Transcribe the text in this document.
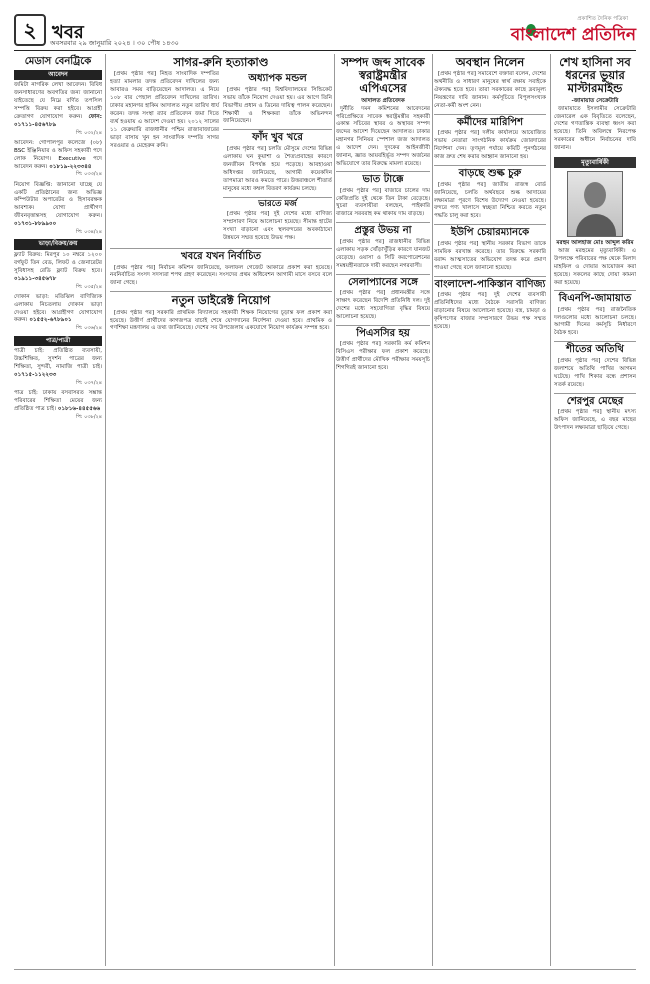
২ খবর
অবসরবার ২৯ জানুয়ারি ২০২৪ । ৩০ পৌষ ১৪৩০
প্রকাশিত দৈনিক পত্রিকা
বাংলাদেশ প্রতিদিন
মেডাস বেনট্রিকে
আবেদন
জমিটা নাগরিক লেখা আবেদন। বিবিধ জনসাধারণের অবগতির জন্য জানানো যাইতেছে যে নিম্নে বর্ণিত তপসিল সম্পত্তি বিক্রয় করা হইবে। আগ্রহী ক্রেতাগণ যোগাযোগ করুন। ফোন: ০১৭১১-৪৫৬৭৮৯
পি: ০৩২/২৪
আবেদন: গোপালপুর কলেজে (০৮) BSC ইঞ্জিনিয়ার ও অফিস সহকারী পদে লোক নিয়োগ। Executive পদে আবেদন করুন। ০১৮১৯-২২৩৩৪৪
পি: ০৩৩/২৪
নিয়োগ বিজ্ঞপ্তি: জানানো যাচ্ছে যে একটি প্রতিষ্ঠানের জন্য অভিজ্ঞ কম্পিউটার অপারেটর ও হিসাবরক্ষক আবশ্যক। যোগ্য প্রার্থীগণ জীবনবৃত্তান্তসহ যোগাযোগ করুন। ০১৭৩১-৮৮৯৯০০
পি: ০৩৪/২৪
ভাড়া/বিক্রয়/ক্রয়
ফ্ল্যাট বিক্রয়: মিরপুর ১০ নম্বরে ১২০০ বর্গফুট তিন বেড, লিফট ও জেনারেটর সুবিধাসহ রেডি ফ্ল্যাট বিক্রয় হবে। ০১৯১১-৩৪৫৬৭৮
পি: ০৩৫/২৪
দোকান ভাড়া: মতিঝিল বাণিজ্যিক এলাকায় নিচতলায় দোকান ভাড়া দেওয়া হইবে। আগ্রহীগণ যোগাযোগ করুন। ০১৫৫২-৬৭৮৯০১
পি: ০৩৬/২৪
পাত্র/পাত্রী
পাত্রী চাই: প্রতিষ্ঠিত ব্যবসায়ী, উচ্চশিক্ষিত, সুদর্শন পাত্রের জন্য শিক্ষিতা, সুন্দরী, নামাজি পাত্রী চাই। ০১৭১৫-১১২২৩৩
পি: ০৩৭/২৪
পাত্র চাই: ঢাকায় বসবাসরত সম্ভ্রান্ত পরিবারের শিক্ষিতা মেয়ের জন্য প্রতিষ্ঠিত পাত্র চাই। ০১৮১৬-৪৪৫৫৬৬
পি: ০৩৮/২৪
সাগর-রুনি হত্যাকাণ্ড

[প্রথম পৃষ্ঠার পর] নিহত সাংবাদিক দম্পতির হত্যা মামলার তদন্ত প্রতিবেদন দাখিলের জন্য আবারও সময় বাড়িয়েছেন আদালত। এ নিয়ে ১০৮ বার পেছাল প্রতিবেদন দাখিলের তারিখ। ঢাকার মহানগর হাকিম আদালত নতুন তারিখ ধার্য করেন। তদন্ত সংস্থা র‌্যাব প্রতিবেদন জমা দিতে ব্যর্থ হওয়ায় এ আদেশ দেওয়া হয়। ২০১২ সালের ১১ ফেব্রুয়ারি রাজধানীর পশ্চিম রাজাবাজারের ভাড়া বাসায় খুন হন সাংবাদিক দম্পতি সাগর সরওয়ার ও মেহেরুন রুনি।

অধ্যাপক মন্ডল

[প্রথম পৃষ্ঠার পর] বিশ্ববিদ্যালয়ের সিন্ডিকেট সভায় তাঁকে নিয়োগ দেওয়া হয়। এর আগে তিনি বিভাগীয় প্রধান ও ডিনের দায়িত্ব পালন করেছেন। শিক্ষার্থী ও শিক্ষকরা তাঁকে অভিনন্দন জানিয়েছেন।

ফাঁদ খুব খরে

[প্রথম পৃষ্ঠার পর] চলতি মৌসুমে দেশের বিভিন্ন এলাকায় ঘন কুয়াশা ও শৈত্যপ্রবাহের কারণে জনজীবন বিপর্যস্ত হয়ে পড়েছে। আবহাওয়া অধিদপ্তর জানিয়েছে, আগামী কয়েকদিন তাপমাত্রা আরও কমতে পারে। উত্তরাঞ্চলে শীতার্ত মানুষের মধ্যে কম্বল বিতরণ কার্যক্রম চলছে।

ভারতে মর্জ

[প্রথম পৃষ্ঠার পর] দুই দেশের মধ্যে বাণিজ্য সম্প্রসারণ নিয়ে আলোচনা হয়েছে। সীমান্ত হাটের সংখ্যা বাড়ানো এবং স্থলবন্দরের অবকাঠামো উন্নয়নে সম্মত হয়েছে উভয় পক্ষ।

খবরে যখন নির্বাচিত

[প্রথম পৃষ্ঠার পর] নির্বাচন কমিশন জানিয়েছে, ফলাফল গেজেট আকারে প্রকাশ করা হয়েছে। নবনির্বাচিত সংসদ সদস্যরা শপথ গ্রহণ করেছেন। সংসদের প্রথম অধিবেশন আগামী মাসে বসবে বলে জানা গেছে।

নতুন ডাইরেক্ট নিয়োগ

[প্রথম পৃষ্ঠার পর] সরকারি প্রাথমিক বিদ্যালয়ে সহকারী শিক্ষক নিয়োগের চূড়ান্ত ফল প্রকাশ করা হয়েছে। উত্তীর্ণ প্রার্থীদের কাগজপত্র যাচাই শেষে যোগদানের নির্দেশনা দেওয়া হবে। প্রাথমিক ও গণশিক্ষা মন্ত্রণালয় এ তথ্য জানিয়েছে। দেশের সব উপজেলায় একযোগে নিয়োগ কার্যক্রম সম্পন্ন হবে।

সম্পদ জব্দ সাবেক স্বরাষ্ট্রমন্ত্রীর এপিএসের
আদালত প্রতিবেদক

দুর্নীতি দমন কমিশনের আবেদনের পরিপ্রেক্ষিতে সাবেক স্বরাষ্ট্রমন্ত্রীর সহকারী একান্ত সচিবের স্থাবর ও অস্থাবর সম্পদ জব্দের আদেশ দিয়েছেন আদালত। ঢাকার মহানগর সিনিয়র স্পেশাল জজ আদালত এ আদেশ দেন। দুদকের আইনজীবী জানান, জ্ঞাত আয়বহির্ভূত সম্পদ অর্জনের অভিযোগে তার বিরুদ্ধে মামলা রয়েছে।

ভাত টাক্কে

[প্রথম পৃষ্ঠার পর] বাজারে চালের দাম কেজিপ্রতি দুই থেকে তিন টাকা বেড়েছে। খুচরা ব্যবসায়ীরা বলছেন, পাইকারি বাজারে সরবরাহ কম থাকায় দাম বাড়ছে।

প্রস্তুর উভয় না

[প্রথম পৃষ্ঠার পর] রাজধানীর বিভিন্ন এলাকায় সড়ক খোঁড়াখুঁড়ির কারণে যানজট বেড়েছে। ওয়াসা ও সিটি করপোরেশনের সমন্বয়হীনতাকে দায়ী করছেন নগরবাসী।

সেলাপ্যানের সঙ্গে

[প্রথম পৃষ্ঠার পর] প্রধানমন্ত্রীর সঙ্গে সাক্ষাৎ করেছেন বিদেশি প্রতিনিধি দল। দুই দেশের মধ্যে সহযোগিতা বৃদ্ধির বিষয়ে আলোচনা হয়েছে।

পিএসসির হয়

[প্রথম পৃষ্ঠার পর] সরকারি কর্ম কমিশন বিসিএস পরীক্ষার ফল প্রকাশ করেছে। উত্তীর্ণ প্রার্থীদের মৌখিক পরীক্ষার সময়সূচি শিগগিরই জানানো হবে।

অবস্থান নিলেন

[প্রথম পৃষ্ঠার পর] সমাবেশে বক্তারা বলেন, দেশের অর্থনীতি ও সাধারণ মানুষের স্বার্থ রক্ষায় সবাইকে ঐক্যবদ্ধ হতে হবে। তারা সরকারের কাছে দ্রব্যমূল্য নিয়ন্ত্রণের দাবি জানান। কর্মসূচিতে বিপুলসংখ্যক নেতা-কর্মী অংশ নেন।

কর্মীদের মারিপিশ

[প্রথম পৃষ্ঠার পর] দলীয় কার্যালয়ে আয়োজিত সভায় নেতারা সাংগঠনিক কার্যক্রম জোরদারের নির্দেশনা দেন। তৃণমূল পর্যায়ে কমিটি পুনর্গঠনের কাজ দ্রুত শেষ করার আহ্বান জানানো হয়।

বাড়ছে শুল্ক চুরু

[প্রথম পৃষ্ঠার পর] জাতীয় রাজস্ব বোর্ড জানিয়েছে, চলতি অর্থবছরে শুল্ক আদায়ের লক্ষ্যমাত্রা পূরণে বিশেষ উদ্যোগ নেওয়া হয়েছে। বন্দরে পণ্য খালাসে স্বচ্ছতা নিশ্চিত করতে নতুন পদ্ধতি চালু করা হবে।

ইউপি চেয়ারম্যানকে

[প্রথম পৃষ্ঠার পর] স্থানীয় সরকার বিভাগ তাকে সাময়িক বরখাস্ত করেছে। তার বিরুদ্ধে সরকারি বরাদ্দ আত্মসাতের অভিযোগ তদন্ত করে প্রমাণ পাওয়া গেছে বলে জানানো হয়েছে।

বাংলাদেশ-পাকিস্তান বাণিজ্য

[প্রথম পৃষ্ঠার পর] দুই দেশের ব্যবসায়ী প্রতিনিধিদের মধ্যে বৈঠকে সরাসরি বাণিজ্য বাড়ানোর বিষয়ে আলোচনা হয়েছে। বস্ত্র, চামড়া ও কৃষিপণ্যের বাজার সম্প্রসারণে উভয় পক্ষ সম্মত হয়েছে।

শেখ হাসিনা সব ধরনের ভুয়ার মাস্টারমাইন্ড
-জামায়াত সেক্রেটারি

জামায়াতে ইসলামীর সেক্রেটারি জেনারেল এক বিবৃতিতে বলেছেন, দেশের গণতান্ত্রিক ব্যবস্থা ধ্বংস করা হয়েছে। তিনি অবিলম্বে নিরপেক্ষ সরকারের অধীনে নির্বাচনের দাবি জানান।

মৃত্যুবার্ষিকী
মরহুম আলহাজ মোঃ আব্দুল করিম

আজ মরহুমের মৃত্যুবার্ষিকী। এ উপলক্ষে পরিবারের পক্ষ থেকে মিলাদ মাহফিল ও দোয়ার আয়োজন করা হয়েছে। সকলের কাছে দোয়া কামনা করা হয়েছে।

বিএনপি-জামায়াত

[প্রথম পৃষ্ঠার পর] রাজনৈতিক দলগুলোর মধ্যে আলোচনা চলছে। আগামী দিনের কর্মসূচি নির্ধারণে বৈঠক হবে।

শীতের অতিথি

[প্রথম পৃষ্ঠার পর] দেশের বিভিন্ন জলাশয়ে অতিথি পাখির আগমন ঘটেছে। পাখি শিকার বন্ধে প্রশাসন সতর্ক রয়েছে।

শেরপুর মেছের

[প্রথম পৃষ্ঠার পর] স্থানীয় মৎস্য অফিস জানিয়েছে, এ বছর মাছের উৎপাদন লক্ষ্যমাত্রা ছাড়িয়ে গেছে।
